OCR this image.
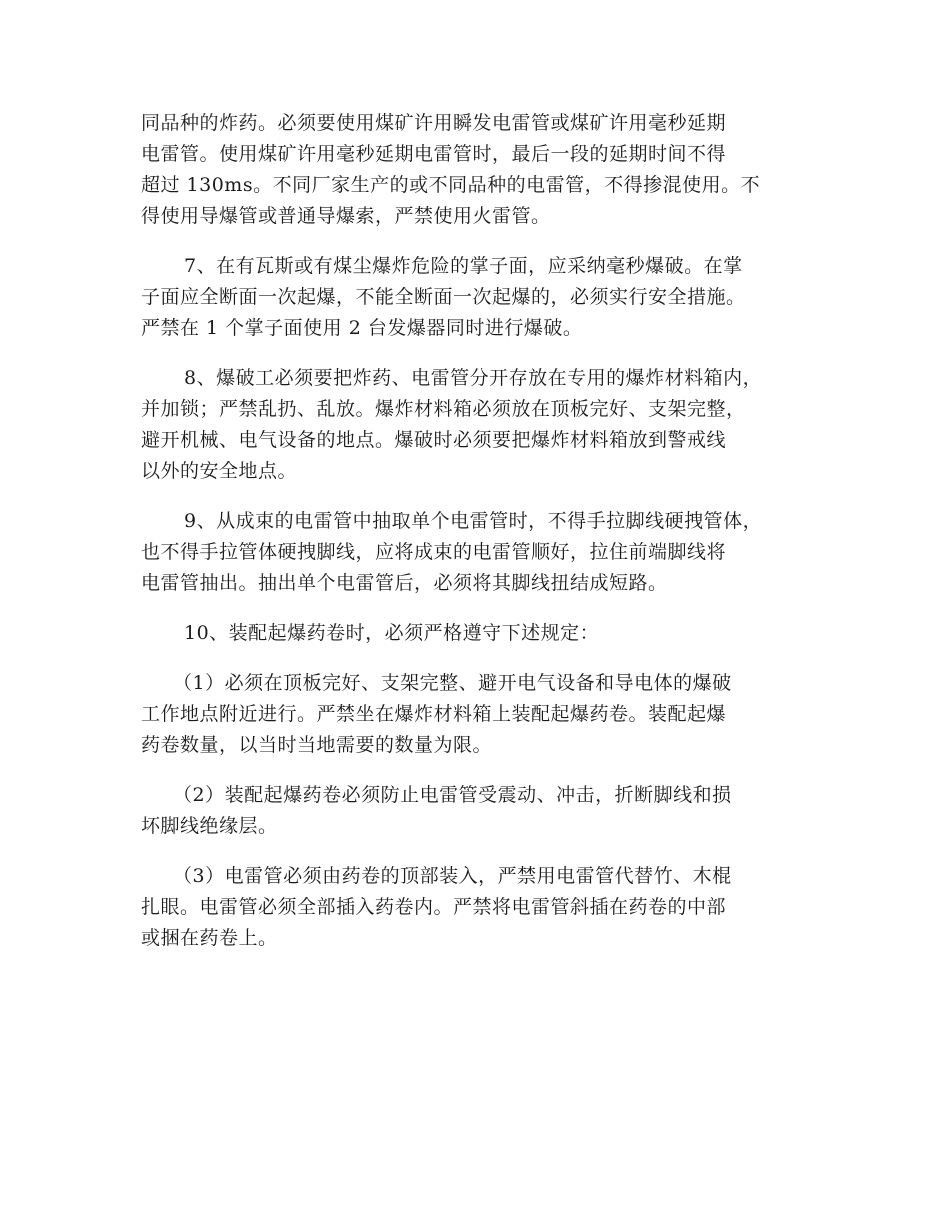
同品种的炸药。必须要使用煤矿许用瞬发电雷管或煤矿许用毫秒延期
电雷管。使用煤矿许用毫秒延期电雷管时，最后一段的延期时间不得
超过 130ms。不同厂家生产的或不同品种的电雷管，不得掺混使用。不
得使用导爆管或普通导爆索，严禁使用火雷管。

7、在有瓦斯或有煤尘爆炸危险的掌子面，应采纳毫秒爆破。在掌
子面应全断面一次起爆，不能全断面一次起爆的，必须实行安全措施。
严禁在 1 个掌子面使用 2 台发爆器同时进行爆破。

8、爆破工必须要把炸药、电雷管分开存放在专用的爆炸材料箱内，
并加锁；严禁乱扔、乱放。爆炸材料箱必须放在顶板完好、支架完整，
避开机械、电气设备的地点。爆破时必须要把爆炸材料箱放到警戒线
以外的安全地点。

9、从成束的电雷管中抽取单个电雷管时，不得手拉脚线硬拽管体，
也不得手拉管体硬拽脚线，应将成束的电雷管顺好，拉住前端脚线将
电雷管抽出。抽出单个电雷管后，必须将其脚线扭结成短路。

10、装配起爆药卷时，必须严格遵守下述规定：

（1）必须在顶板完好、支架完整、避开电气设备和导电体的爆破
工作地点附近进行。严禁坐在爆炸材料箱上装配起爆药卷。装配起爆
药卷数量，以当时当地需要的数量为限。

（2）装配起爆药卷必须防止电雷管受震动、冲击，折断脚线和损
坏脚线绝缘层。

（3）电雷管必须由药卷的顶部装入，严禁用电雷管代替竹、木棍
扎眼。电雷管必须全部插入药卷内。严禁将电雷管斜插在药卷的中部
或捆在药卷上。
